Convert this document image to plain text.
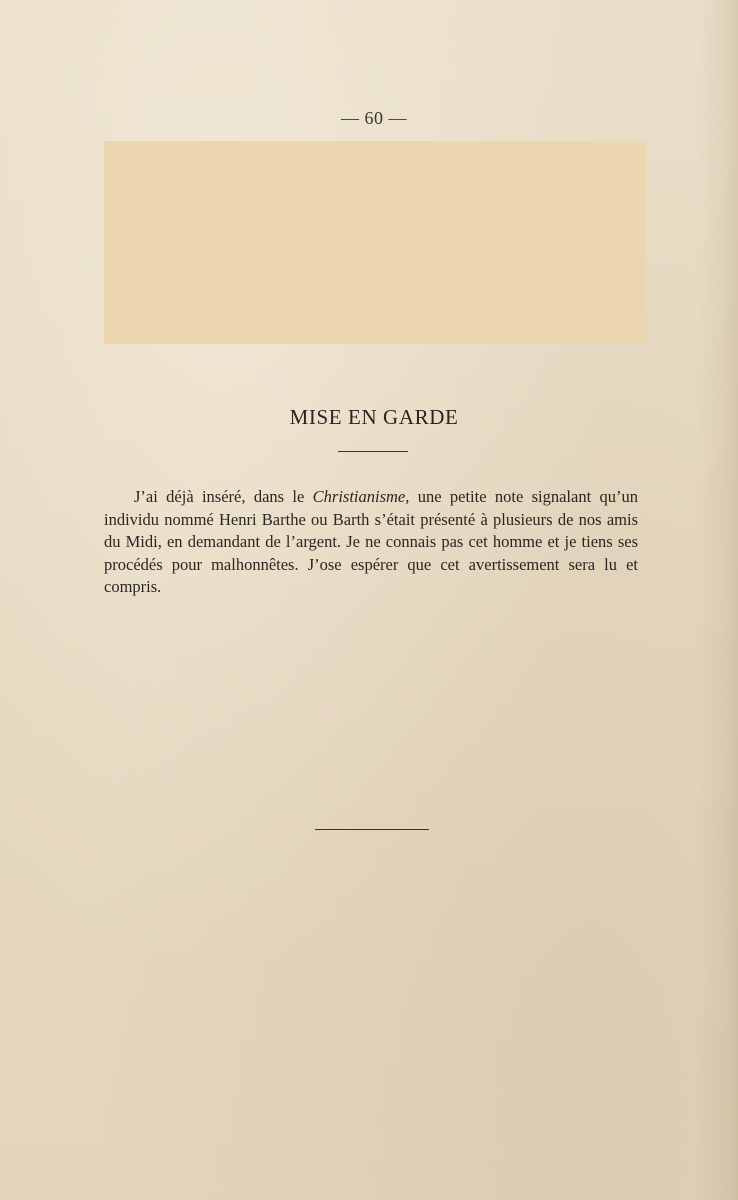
— 60 —
MISE EN GARDE

J’ai déjà inséré, dans le Christianisme, une petite note signalant qu’un individu nommé Henri Barthe ou Barth s’était présenté à plusieurs de nos amis du Midi, en demandant de l’argent. Je ne connais pas cet homme et je tiens ses procédés pour malhonnêtes. J’ose espérer que cet avertissement sera lu et compris.
